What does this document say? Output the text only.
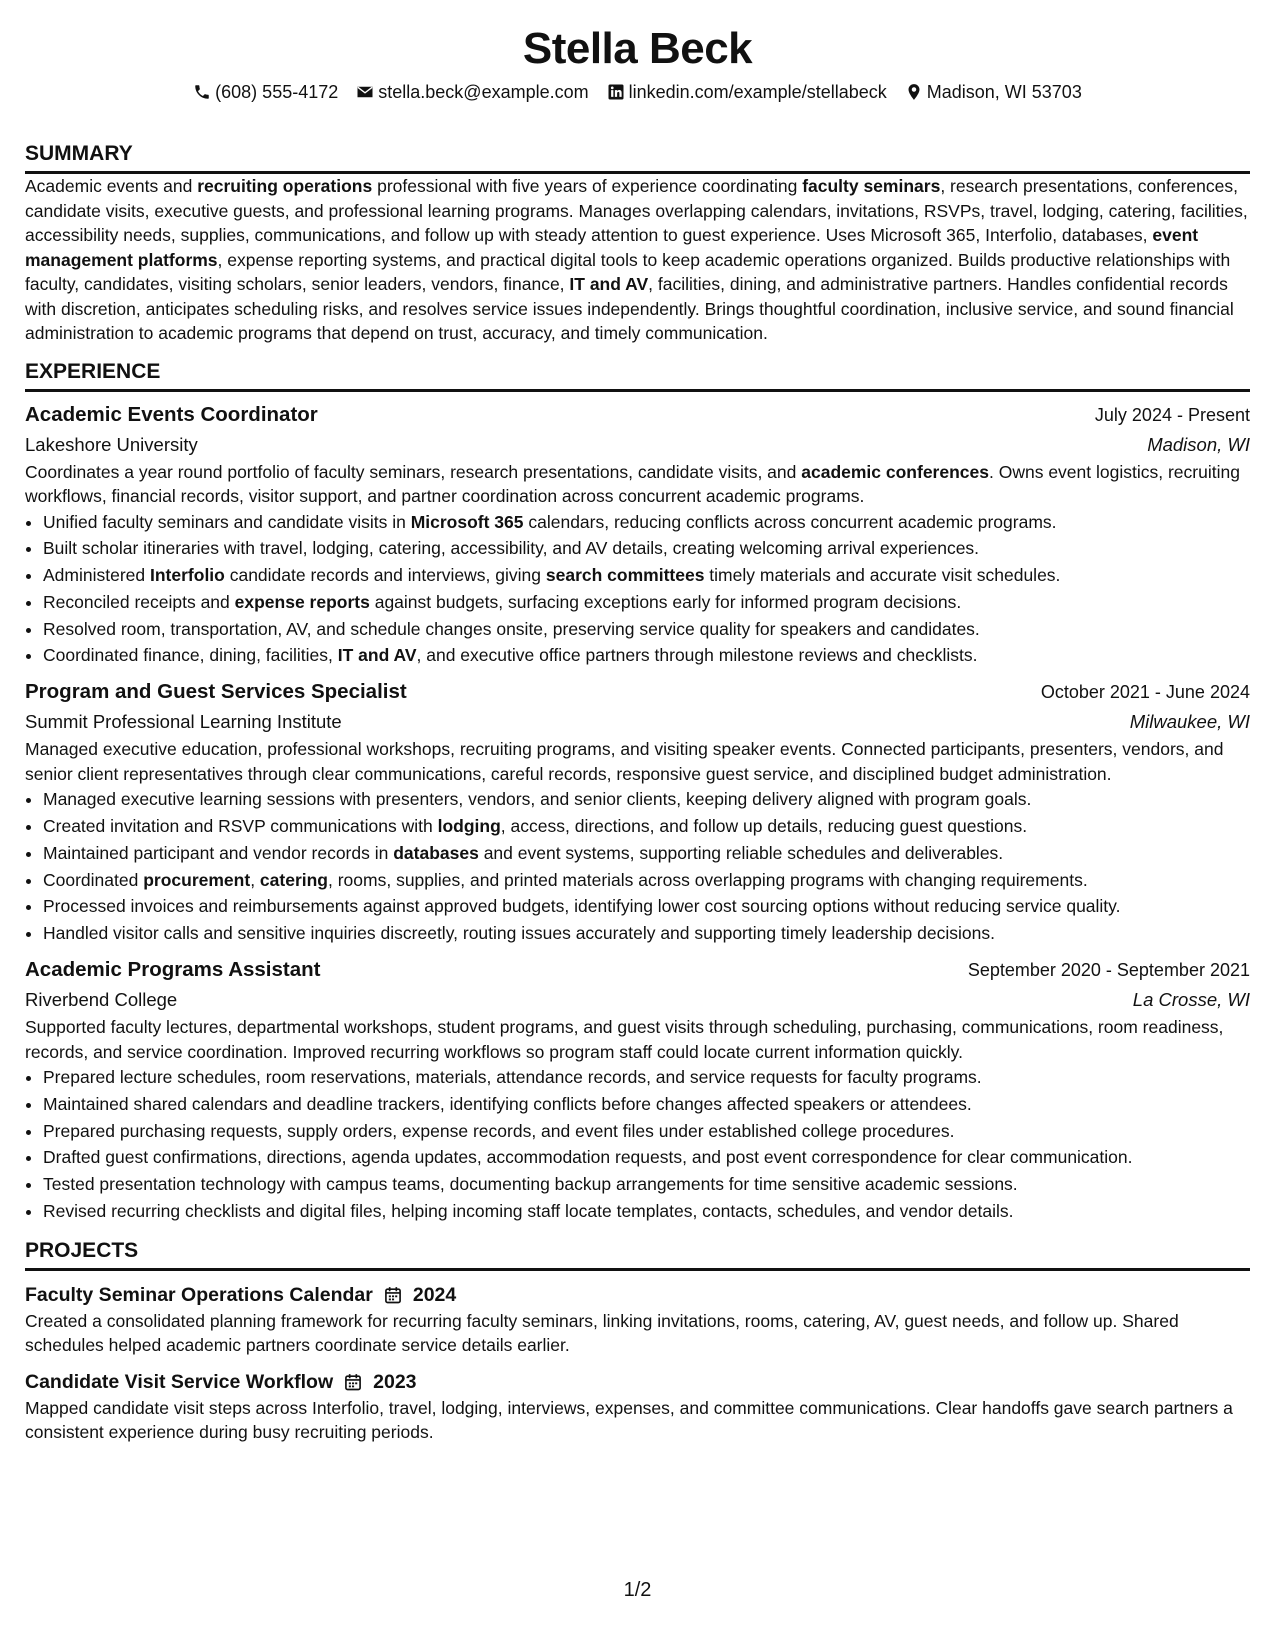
Stella Beck
(608) 555-4172 stella.beck@example.com linkedin.com/example/stellabeck Madison, WI 53703
SUMMARY

Academic events and recruiting operations professional with five years of experience coordinating faculty seminars, research presentations, conferences, candidate visits, executive guests, and professional learning programs. Manages overlapping calendars, invitations, RSVPs, travel, lodging, catering, facilities, accessibility needs, supplies, communications, and follow up with steady attention to guest experience. Uses Microsoft 365, Interfolio, databases, event management platforms, expense reporting systems, and practical digital tools to keep academic operations organized. Builds productive relationships with faculty, candidates, visiting scholars, senior leaders, vendors, finance, IT and AV, facilities, dining, and administrative partners. Handles confidential records with discretion, anticipates scheduling risks, and resolves service issues independently. Brings thoughtful coordination, inclusive service, and sound financial administration to academic programs that depend on trust, accuracy, and timely communication.

EXPERIENCE
Academic Events Coordinator	July 2024 - Present
Lakeshore University	Madison, WI

Coordinates a year round portfolio of faculty seminars, research presentations, candidate visits, and academic conferences. Owns event logistics, recruiting workflows, financial records, visitor support, and partner coordination across concurrent academic programs.

• Unified faculty seminars and candidate visits in Microsoft 365 calendars, reducing conflicts across concurrent academic programs.
• Built scholar itineraries with travel, lodging, catering, accessibility, and AV details, creating welcoming arrival experiences.
• Administered Interfolio candidate records and interviews, giving search committees timely materials and accurate visit schedules.
• Reconciled receipts and expense reports against budgets, surfacing exceptions early for informed program decisions.
• Resolved room, transportation, AV, and schedule changes onsite, preserving service quality for speakers and candidates.
• Coordinated finance, dining, facilities, IT and AV, and executive office partners through milestone reviews and checklists.
Program and Guest Services Specialist	October 2021 - June 2024
Summit Professional Learning Institute	Milwaukee, WI

Managed executive education, professional workshops, recruiting programs, and visiting speaker events. Connected participants, presenters, vendors, and senior client representatives through clear communications, careful records, responsive guest service, and disciplined budget administration.

• Managed executive learning sessions with presenters, vendors, and senior clients, keeping delivery aligned with program goals.
• Created invitation and RSVP communications with lodging, access, directions, and follow up details, reducing guest questions.
• Maintained participant and vendor records in databases and event systems, supporting reliable schedules and deliverables.
• Coordinated procurement, catering, rooms, supplies, and printed materials across overlapping programs with changing requirements.
• Processed invoices and reimbursements against approved budgets, identifying lower cost sourcing options without reducing service quality.
• Handled visitor calls and sensitive inquiries discreetly, routing issues accurately and supporting timely leadership decisions.
Academic Programs Assistant	September 2020 - September 2021
Riverbend College	La Crosse, WI

Supported faculty lectures, departmental workshops, student programs, and guest visits through scheduling, purchasing, communications, room readiness, records, and service coordination. Improved recurring workflows so program staff could locate current information quickly.

• Prepared lecture schedules, room reservations, materials, attendance records, and service requests for faculty programs.
• Maintained shared calendars and deadline trackers, identifying conflicts before changes affected speakers or attendees.
• Prepared purchasing requests, supply orders, expense records, and event files under established college procedures.
• Drafted guest confirmations, directions, agenda updates, accommodation requests, and post event correspondence for clear communication.
• Tested presentation technology with campus teams, documenting backup arrangements for time sensitive academic sessions.
• Revised recurring checklists and digital files, helping incoming staff locate templates, contacts, schedules, and vendor details.
PROJECTS
Faculty Seminar Operations Calendar 2024

Created a consolidated planning framework for recurring faculty seminars, linking invitations, rooms, catering, AV, guest needs, and follow up. Shared schedules helped academic partners coordinate service details earlier.

Candidate Visit Service Workflow 2023

Mapped candidate visit steps across Interfolio, travel, lodging, interviews, expenses, and committee communications. Clear handoffs gave search partners a consistent experience during busy recruiting periods.

1/2
